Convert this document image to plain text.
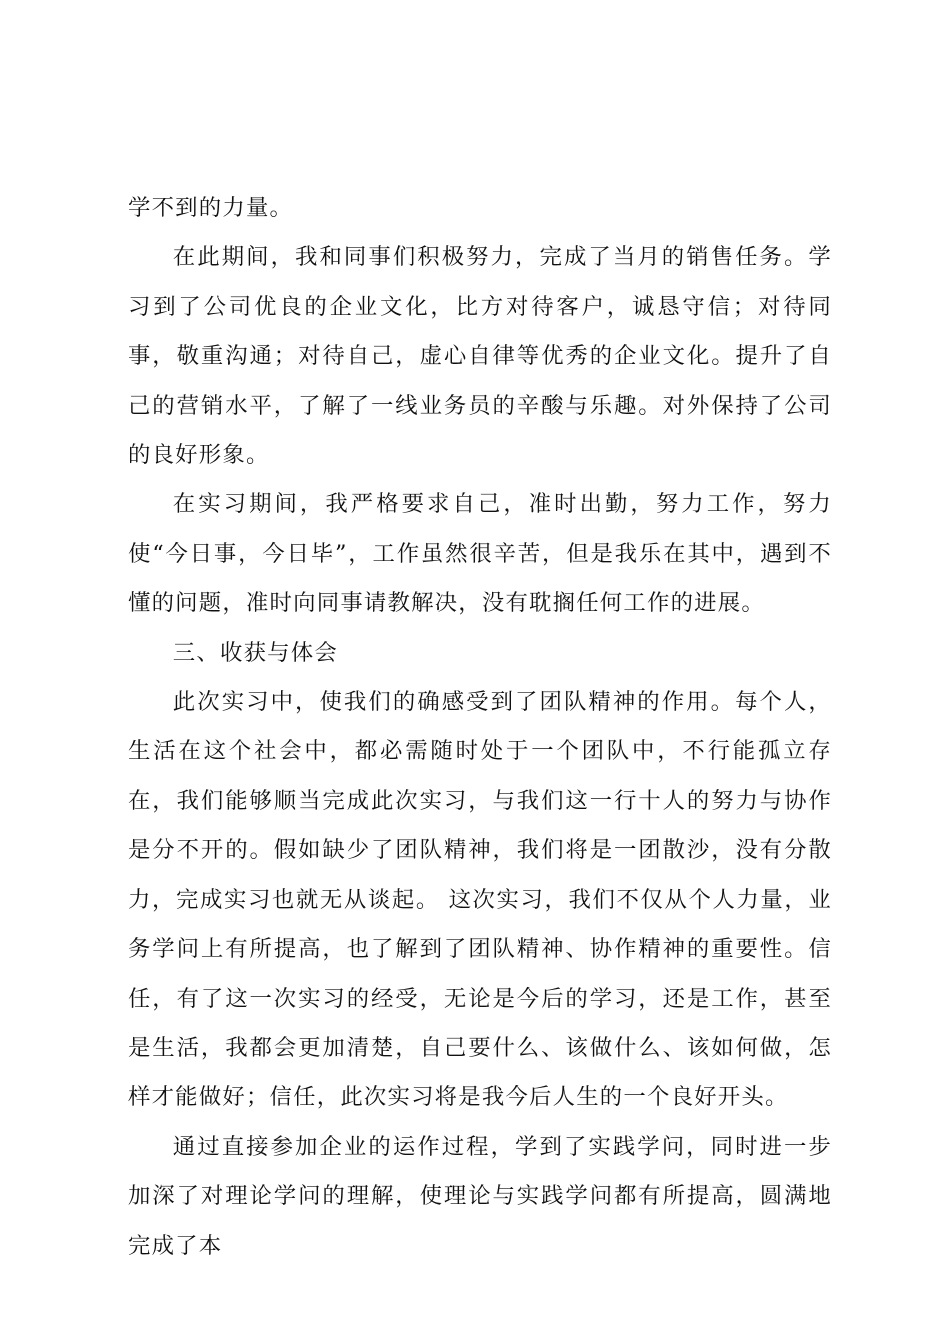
学不到的力量。

在此期间，我和同事们积极努力，完成了当月的销售任务。学习到了公司优良的企业文化，比方对待客户，诚恳守信；对待同事，敬重沟通；对待自己，虚心自律等优秀的企业文化。提升了自己的营销水平，了解了一线业务员的辛酸与乐趣。对外保持了公司的良好形象。

在实习期间，我严格要求自己，准时出勤，努力工作，努力使“今日事，今日毕”，工作虽然很辛苦，但是我乐在其中，遇到不懂的问题，准时向同事请教解决，没有耽搁任何工作的进展。

三、收获与体会

此次实习中，使我们的确感受到了团队精神的作用。每个人，生活在这个社会中，都必需随时处于一个团队中，不行能孤立存在，我们能够顺当完成此次实习，与我们这一行十人的努力与协作是分不开的。假如缺少了团队精神，我们将是一团散沙，没有分散力，完成实习也就无从谈起。 这次实习，我们不仅从个人力量，业务学问上有所提高，也了解到了团队精神、协作精神的重要性。信任，有了这一次实习的经受，无论是今后的学习，还是工作，甚至是生活，我都会更加清楚，自己要什么、该做什么、该如何做，怎样才能做好；信任，此次实习将是我今后人生的一个良好开头。

通过直接参加企业的运作过程，学到了实践学问，同时进一步加深了对理论学问的理解，使理论与实践学问都有所提高，圆满地完成了本
